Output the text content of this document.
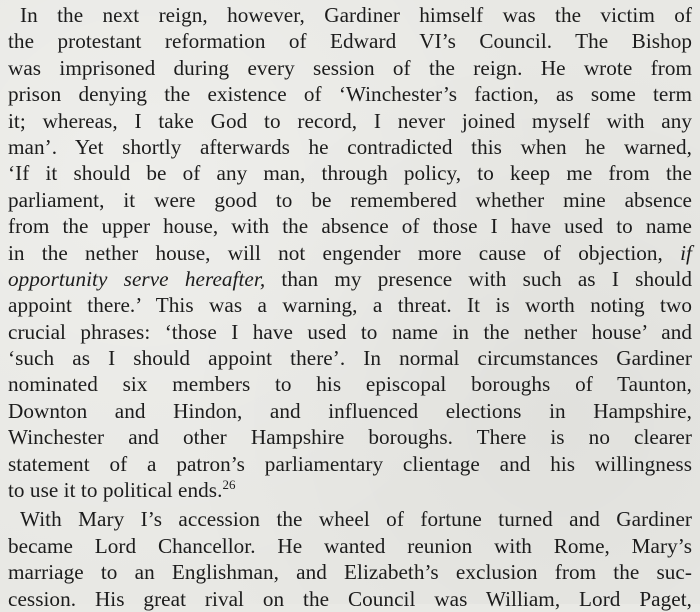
In the next reign, however, Gardiner himself was the victim of
the protestant reformation of Edward VI’s Council. The Bishop
was imprisoned during every session of the reign. He wrote from
prison denying the existence of ‘Winchester’s faction, as some term
it; whereas, I take God to record, I never joined myself with any
man’. Yet shortly afterwards he contradicted this when he warned,
‘If it should be of any man, through policy, to keep me from the
parliament, it were good to be remembered whether mine absence
from the upper house, with the absence of those I have used to name
in the nether house, will not engender more cause of objection, if
opportunity serve hereafter, than my presence with such as I should
appoint there.’ This was a warning, a threat. It is worth noting two
crucial phrases: ‘those I have used to name in the nether house’ and
‘such as I should appoint there’. In normal circumstances Gardiner
nominated six members to his episcopal boroughs of Taunton,
Downton and Hindon, and influenced elections in Hampshire,
Winchester and other Hampshire boroughs. There is no clearer
statement of a patron’s parliamentary clientage and his willingness
to use it to political ends.$^{26}$
With Mary I’s accession the wheel of fortune turned and Gardiner
became Lord Chancellor. He wanted reunion with Rome, Mary’s
marriage to an Englishman, and Elizabeth’s exclusion from the suc-
cession. His great rival on the Council was William, Lord Paget,
